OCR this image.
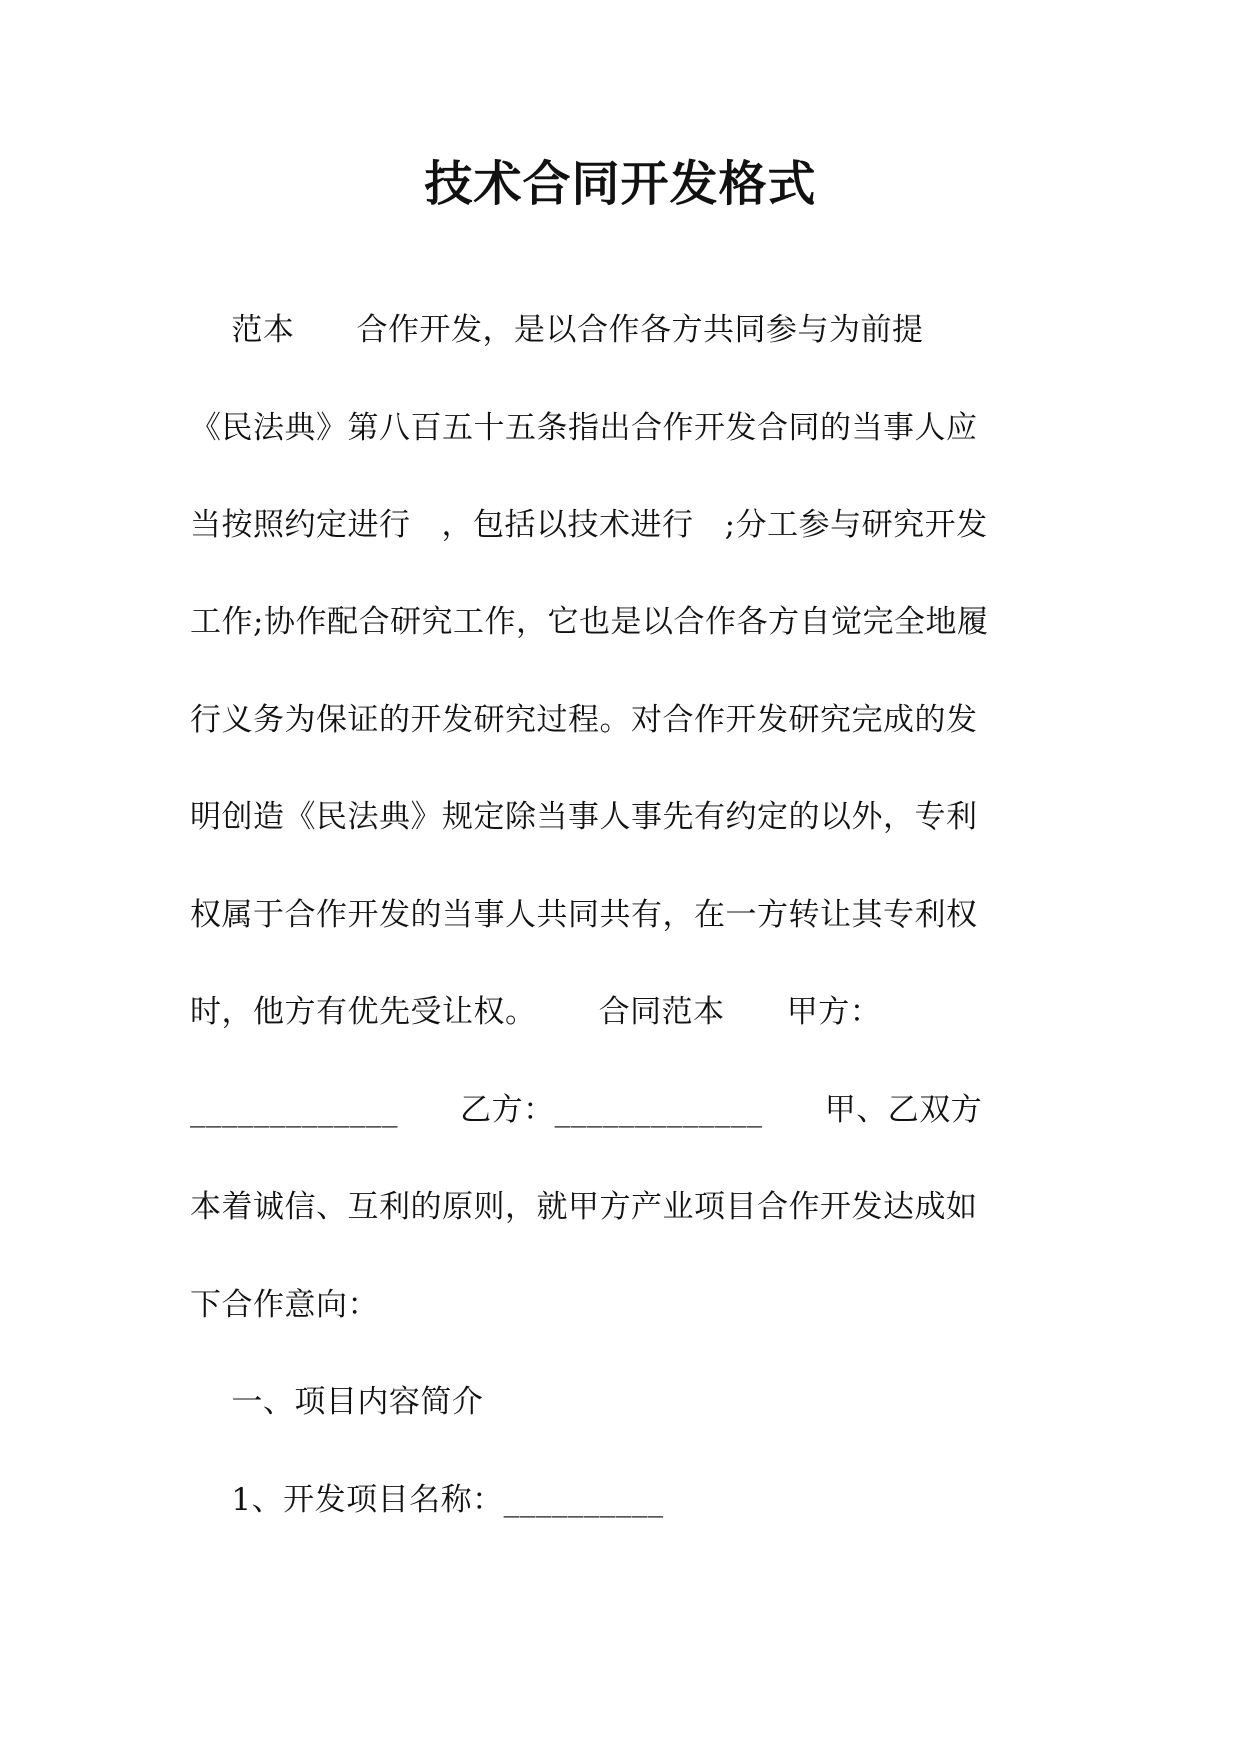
技术合同开发格式
范本      合作开发，是以合作各方共同参与为前提
《民法典》第八百五十五条指出合作开发合同的当事人应
当按照约定进行   ，包括以技术进行   ;分工参与研究开发
工作;协作配合研究工作，它也是以合作各方自觉完全地履
行义务为保证的开发研究过程。对合作开发研究完成的发
明创造《民法典》规定除当事人事先有约定的以外，专利
权属于合作开发的当事人共同共有，在一方转让其专利权
时，他方有优先受让权。      合同范本      甲方：
_____________      乙方：_____________      甲、乙双方
本着诚信、互利的原则，就甲方产业项目合作开发达成如
下合作意向：
一、项目内容简介
1、开发项目名称：__________
